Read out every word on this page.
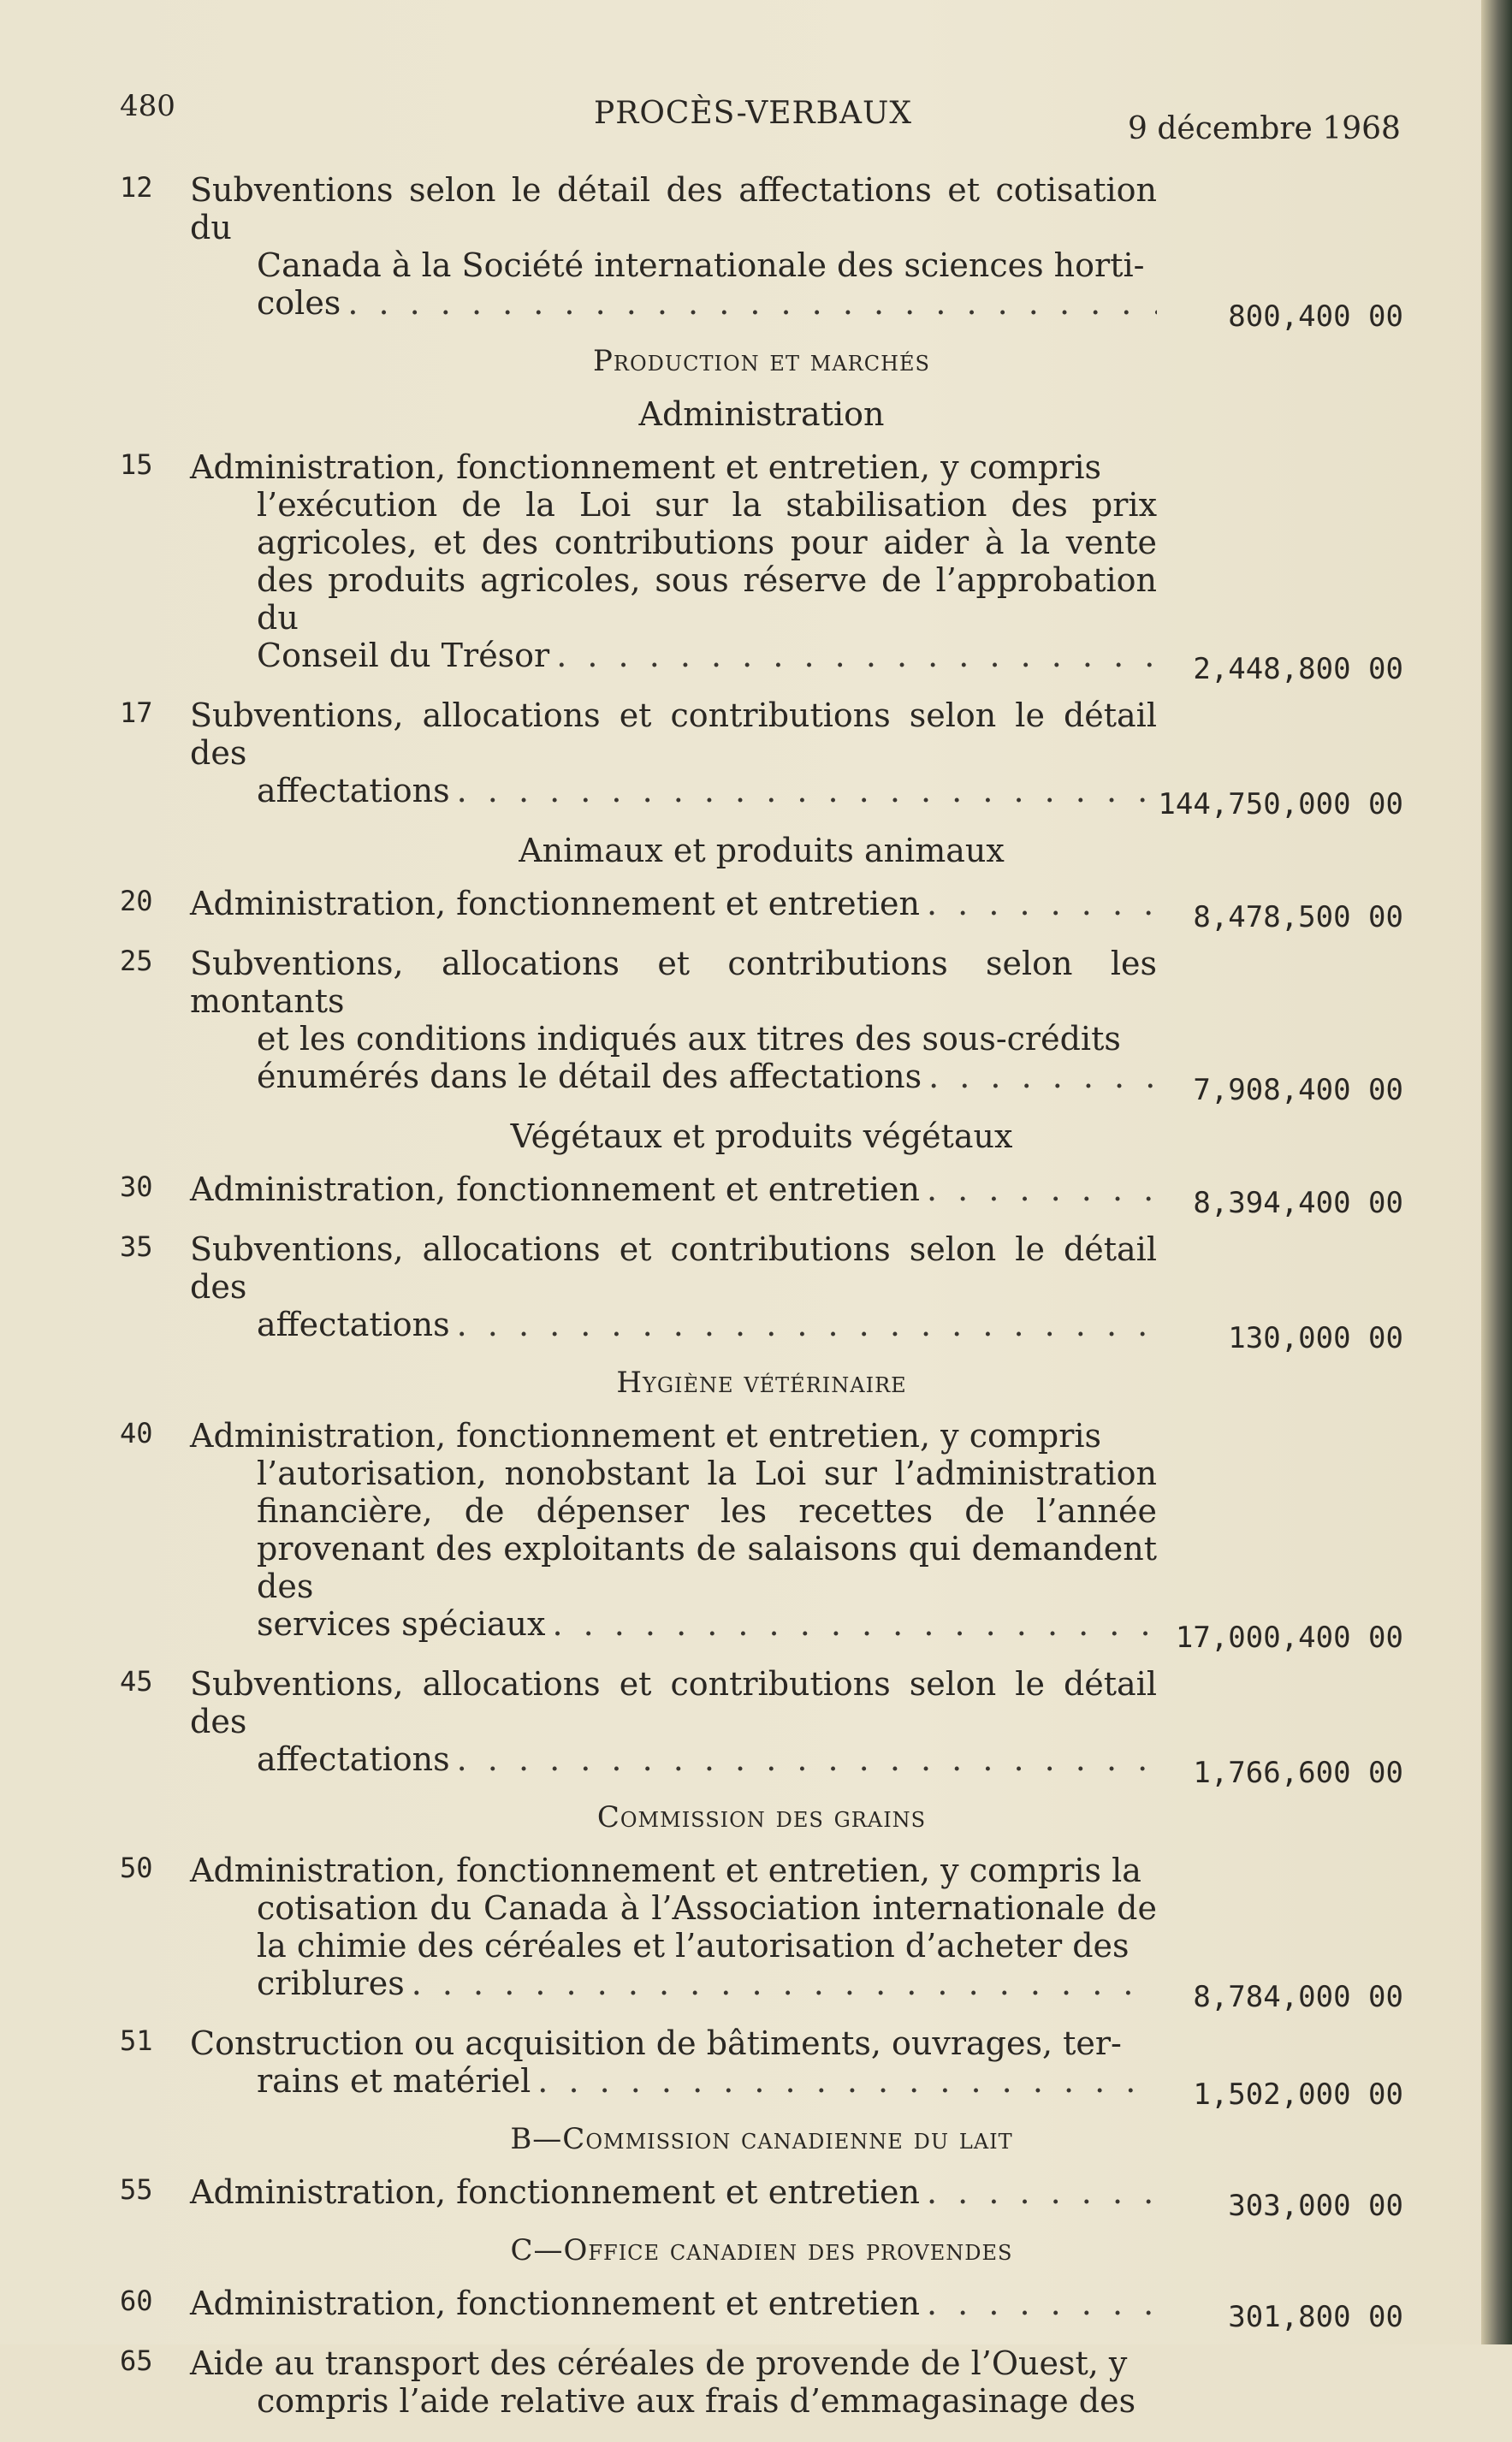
480	PROCÈS-VERBAUX	9 décembre 1968
12	Subventions selon le détail des affectations et cotisation du
Canada à la Société internationale des sciences horti-
coles . . .	800,400 00
Production et marchés
Administration
15	Administration, fonctionnement et entretien, y compris
l’exécution de la Loi sur la stabilisation des prix agricoles, et des contributions pour aider à la vente des produits agricoles, sous réserve de l’approbation du
Conseil du Trésor . . .	2,448,800 00
17	Subventions, allocations et contributions selon le détail des
affectations . . .	144,750,000 00
Animaux et produits animaux
20	Administration, fonctionnement et entretien . . .	8,478,500 00
25	Subventions, allocations et contributions selon les montants
et les conditions indiqués aux titres des sous-crédits
énumérés dans le détail des affectations . . .	7,908,400 00
Végétaux et produits végétaux
30	Administration, fonctionnement et entretien . . .	8,394,400 00
35	Subventions, allocations et contributions selon le détail des
affectations . . .	130,000 00
Hygiène vétérinaire
40	Administration, fonctionnement et entretien, y compris
l’autorisation, nonobstant la Loi sur l’administration financière, de dépenser les recettes de l’année provenant des exploitants de salaisons qui demandent des
services spéciaux . . .	17,000,400 00
45	Subventions, allocations et contributions selon le détail des
affectations . . .	1,766,600 00
Commission des grains
50	Administration, fonctionnement et entretien, y compris la
cotisation du Canada à l’Association internationale de la chimie des céréales et l’autorisation d’acheter des
criblures . . .	8,784,000 00
51	Construction ou acquisition de bâtiments, ouvrages, ter-
rains et matériel . . .	1,502,000 00
B—Commission canadienne du lait
55	Administration, fonctionnement et entretien . . .	303,000 00
C—Office canadien des provendes
60	Administration, fonctionnement et entretien . . .	301,800 00
65	Aide au transport des céréales de provende de l’Ouest, y
compris l’aide relative aux frais d’emmagasinage des
